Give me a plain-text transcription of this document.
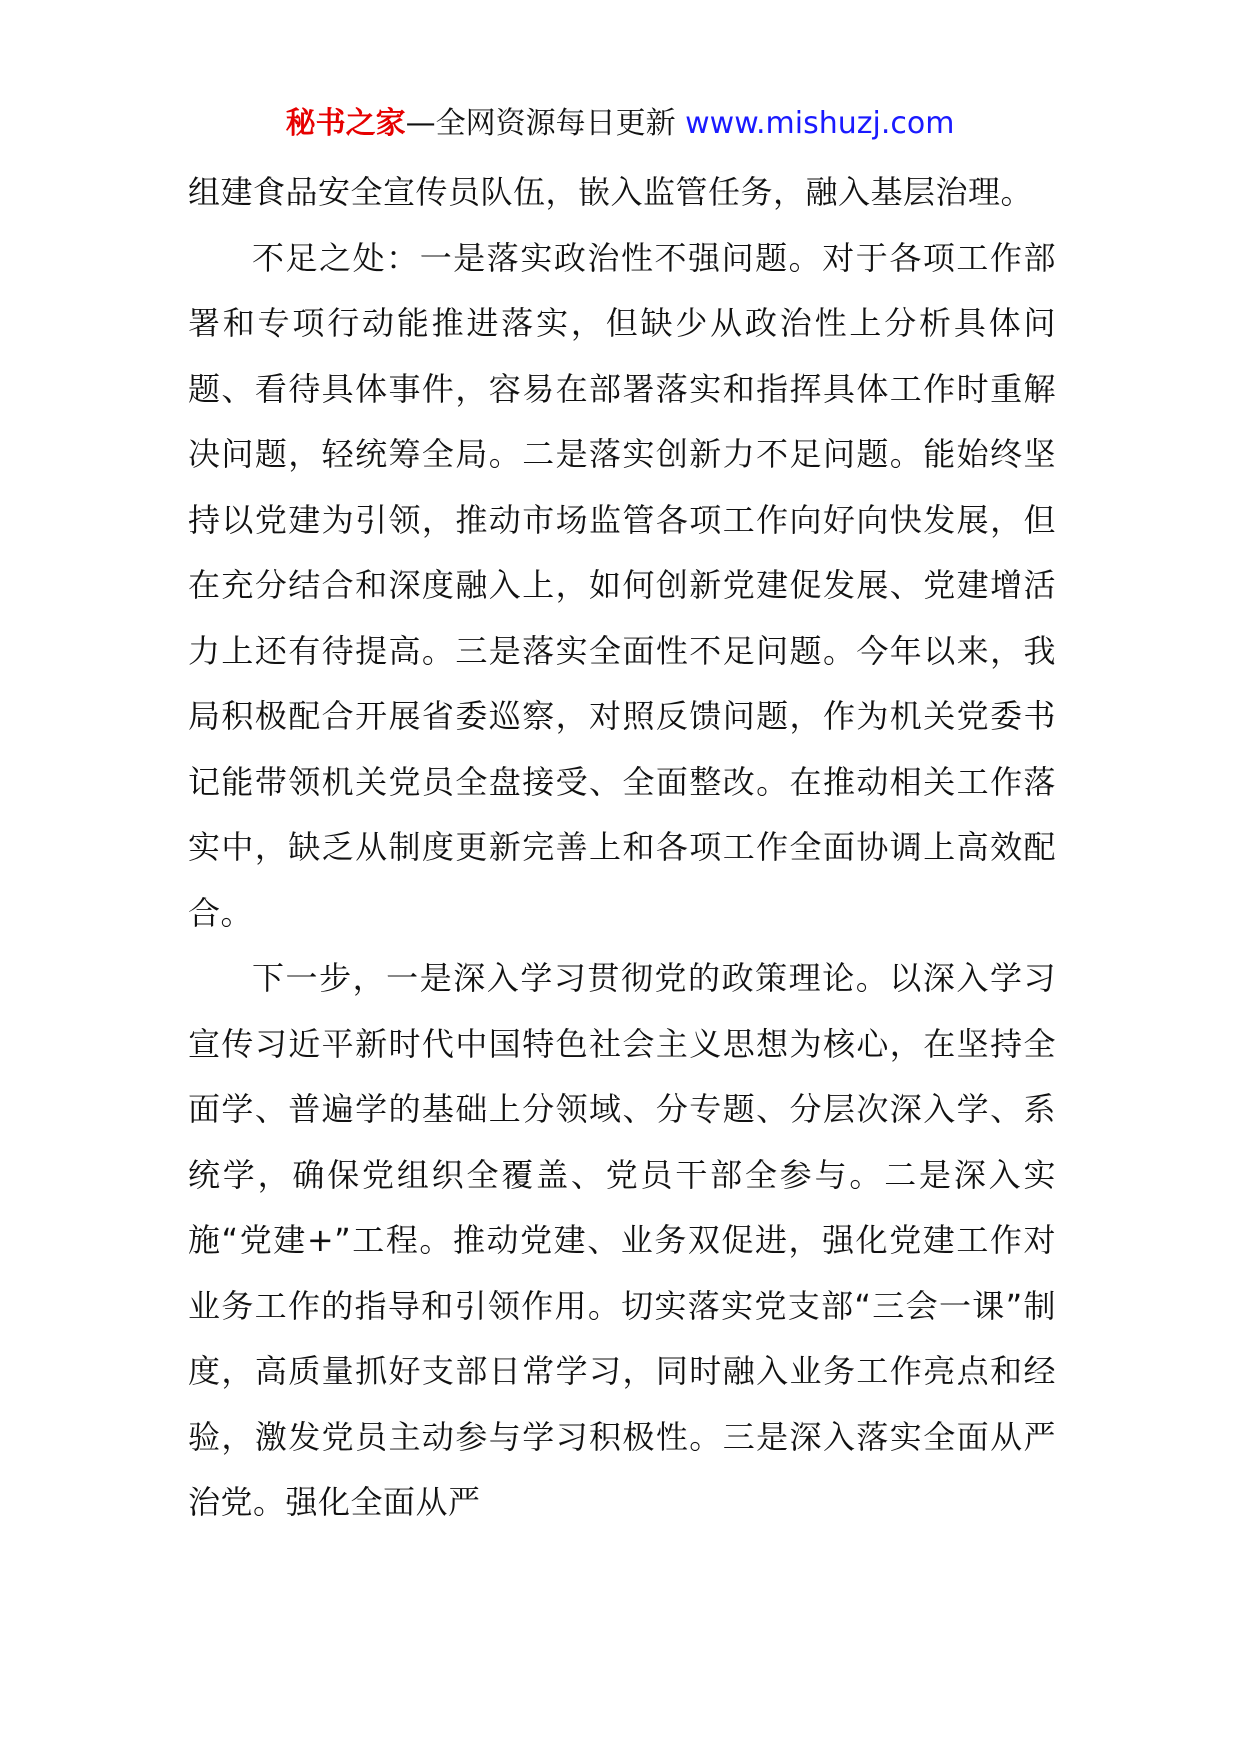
秘书之家—全网资源每日更新 www.mishuzj.com

组建食品安全宣传员队伍，嵌入监管任务，融入基层治理。

不足之处：一是落实政治性不强问题。对于各项工作部署和专项行动能推进落实，但缺少从政治性上分析具体问题、看待具体事件，容易在部署落实和指挥具体工作时重解决问题，轻统筹全局。二是落实创新力不足问题。能始终坚持以党建为引领，推动市场监管各项工作向好向快发展，但在充分结合和深度融入上，如何创新党建促发展、党建增活力上还有待提高。三是落实全面性不足问题。今年以来，我局积极配合开展省委巡察，对照反馈问题，作为机关党委书记能带领机关党员全盘接受、全面整改。在推动相关工作落实中，缺乏从制度更新完善上和各项工作全面协调上高效配合。

下一步，一是深入学习贯彻党的政策理论。以深入学习宣传习近平新时代中国特色社会主义思想为核心，在坚持全面学、普遍学的基础上分领域、分专题、分层次深入学、系统学，确保党组织全覆盖、党员干部全参与。二是深入实施“党建+”工程。推动党建、业务双促进，强化党建工作对业务工作的指导和引领作用。切实落实党支部“三会一课”制度，高质量抓好支部日常学习，同时融入业务工作亮点和经验，激发党员主动参与学习积极性。三是深入落实全面从严治党。强化全面从严
